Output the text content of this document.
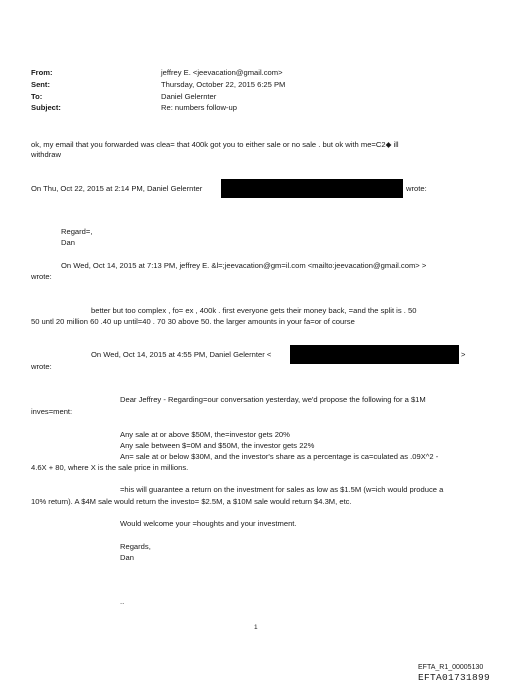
From:	jeffrey E. <jeevacation@gmail.com>
Sent:	Thursday, October 22, 2015 6:25 PM
To:	Daniel Gelernter
Subject:	Re: numbers follow-up
ok, my email that you forwarded was clea= that 400k got you to either sale or no sale . but ok with me=C2◆ ill
withdraw
On Thu, Oct 22, 2015 at 2:14 PM, Daniel Gelernter	wrote:
Regard=,
Dan
On Wed, Oct 14, 2015 at 7:13 PM, jeffrey E. &l=;jeevacation@gm=il.com <mailto:jeevacation@gmail.com> >
wrote:
better but too complex , fo= ex , 400k . first everyone gets their money back, =and the split is . 50
50 untl 20 million 60 .40 up until=40 . 70 30 above 50. the larger amounts in your fa=or of course
On Wed, Oct 14, 2015 at 4:55 PM, Daniel Gelernter <	>
wrote:
Dear Jeffrey - Regarding=our conversation yesterday, we'd propose the following for a $1M
inves=ment:
Any sale at or above $50M, the=investor gets 20%
Any sale between $=0M and $50M, the investor gets 22%
An= sale at or below $30M, and the investor's share as a percentage is ca=culated as .09X^2 -
4.6X + 80, where X is the sale price in millions.
=his will guarantee a return on the investment for sales as low as $1.5M (w=ich would produce a
10% return). A $4M sale would return the investo= $2.5M, a $10M sale would return $4.3M, etc.
Would welcome your =houghts and your investment.
Regards,
Dan
..
1
EFTA_R1_00005130
EFTA01731899
